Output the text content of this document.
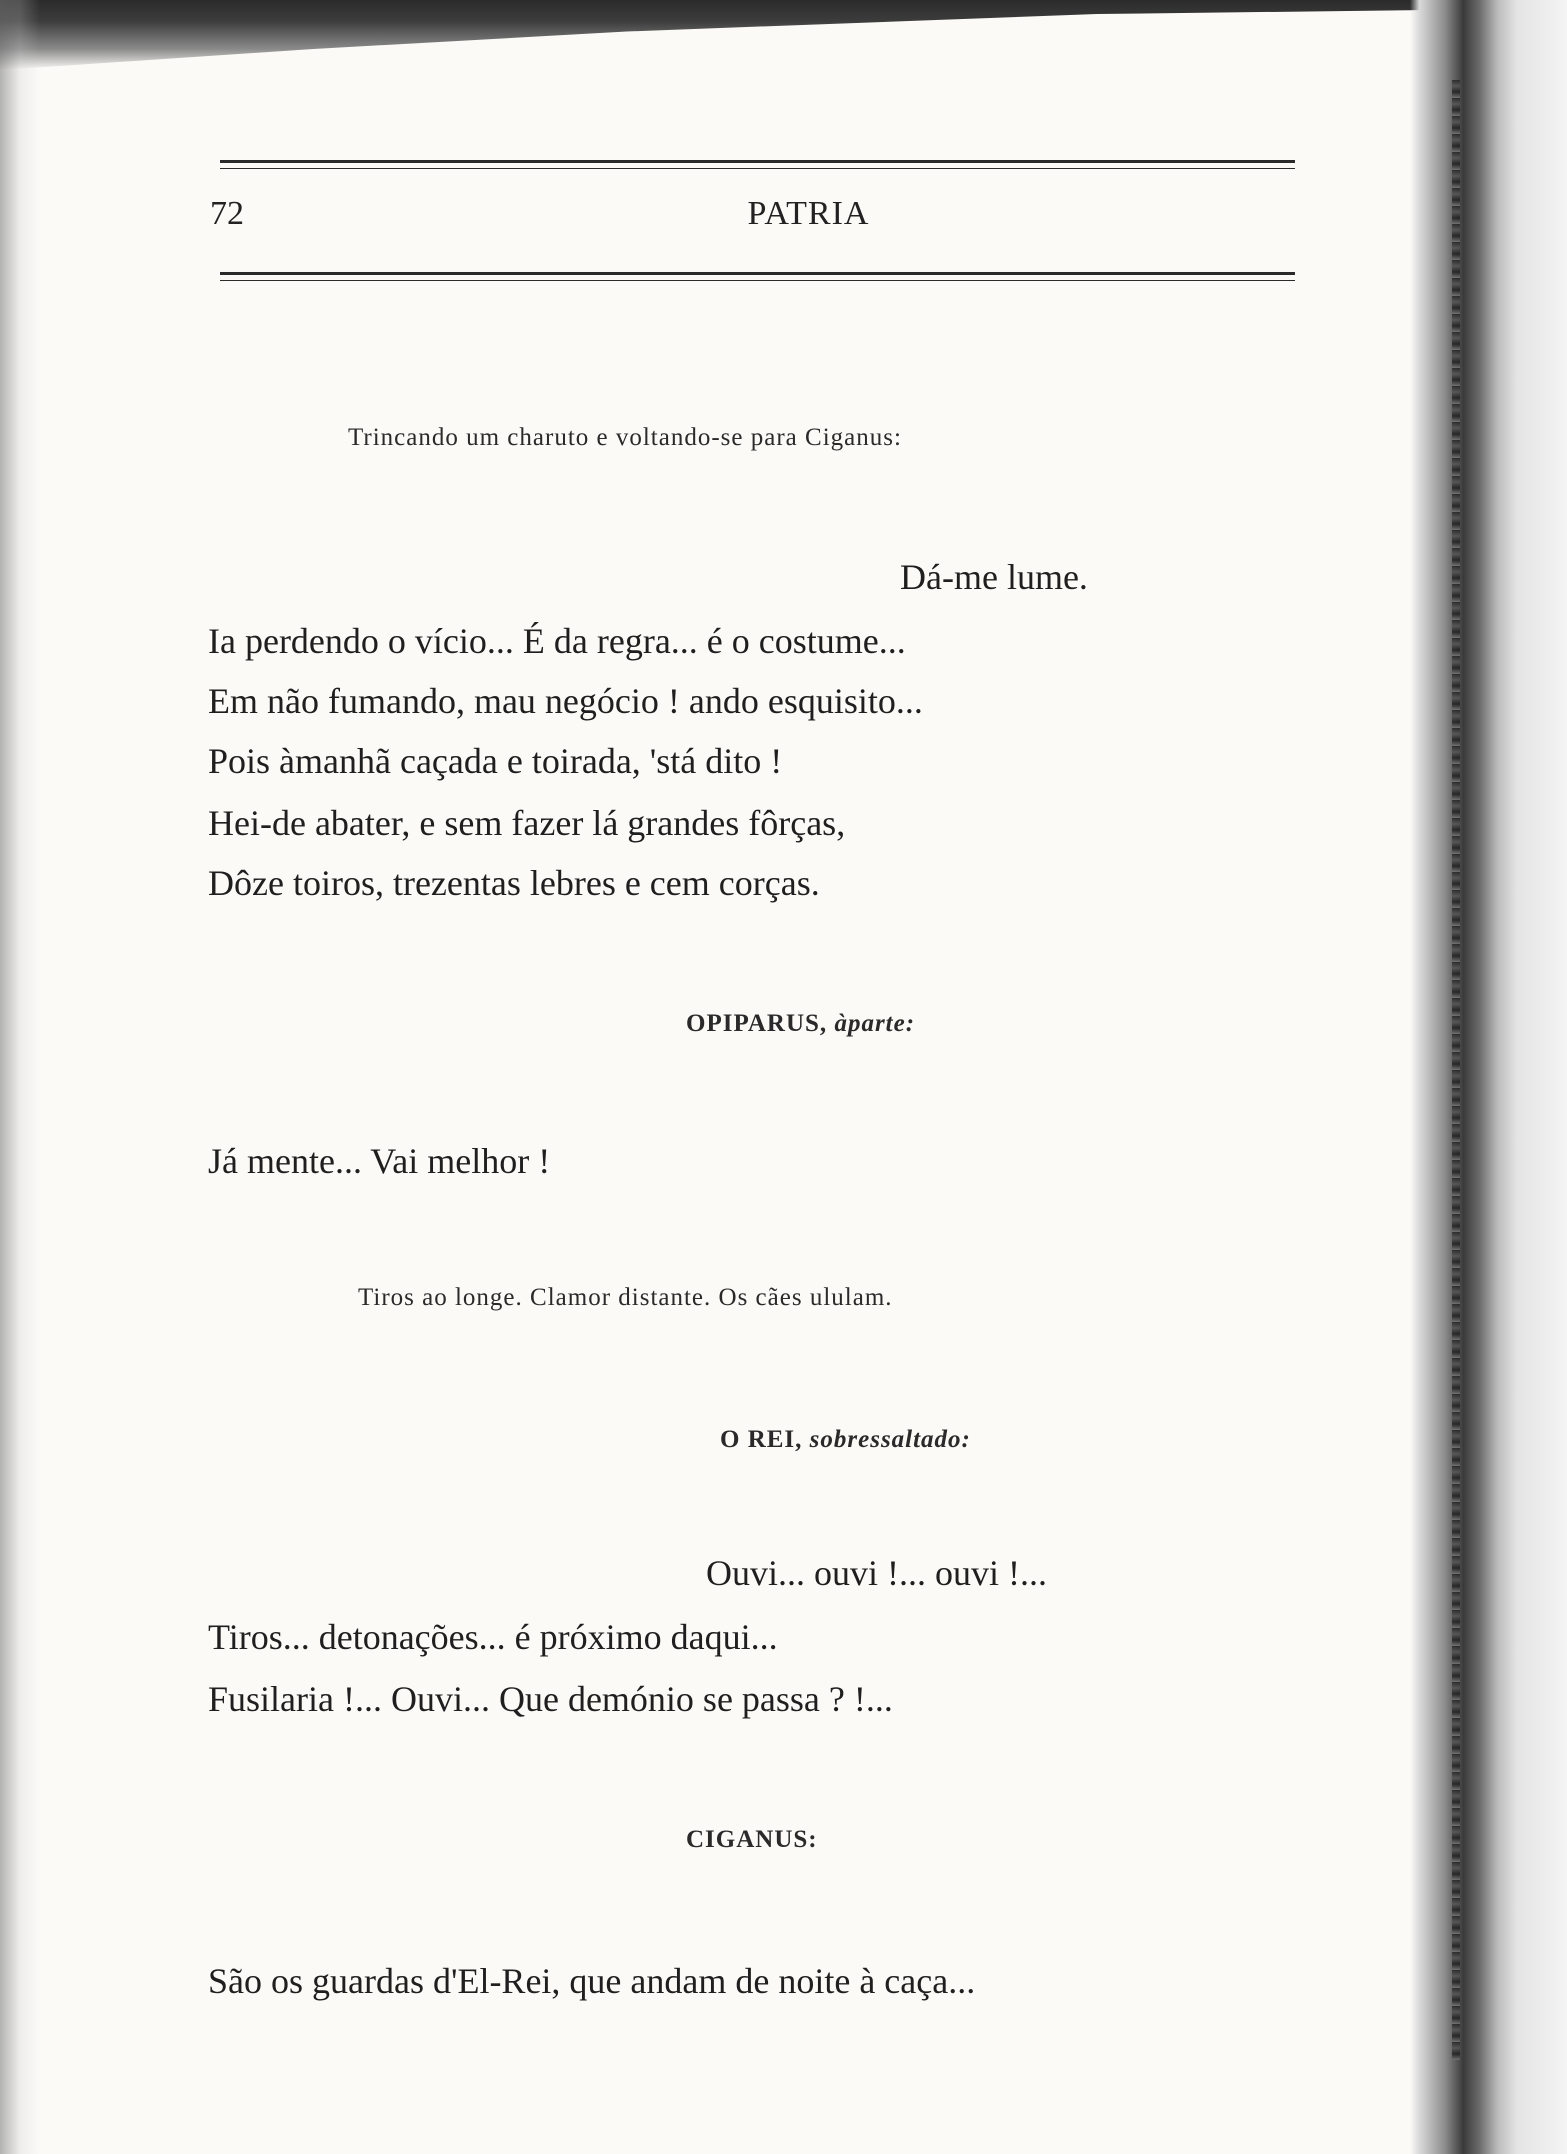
72	PATRIA
Trincando um charuto e voltando-se para Ciganus:
Dá-me lume.
Ia perdendo o vício... É da regra... é o costume...
Em não fumando, mau negócio ! ando esquisito...
Pois àmanhã caçada e toirada, 'stá dito !
Hei-de abater, e sem fazer lá grandes fôrças,
Dôze toiros, trezentas lebres e cem corças.
OPIPARUS, àparte:
Já mente... Vai melhor !
Tiros ao longe. Clamor distante. Os cães ululam.
O REI, sobressaltado:
Ouvi... ouvi !... ouvi !...
Tiros... detonações... é próximo daqui...
Fusilaria !... Ouvi... Que demónio se passa ? !...
CIGANUS:
São os guardas d'El-Rei, que andam de noite à caça...
